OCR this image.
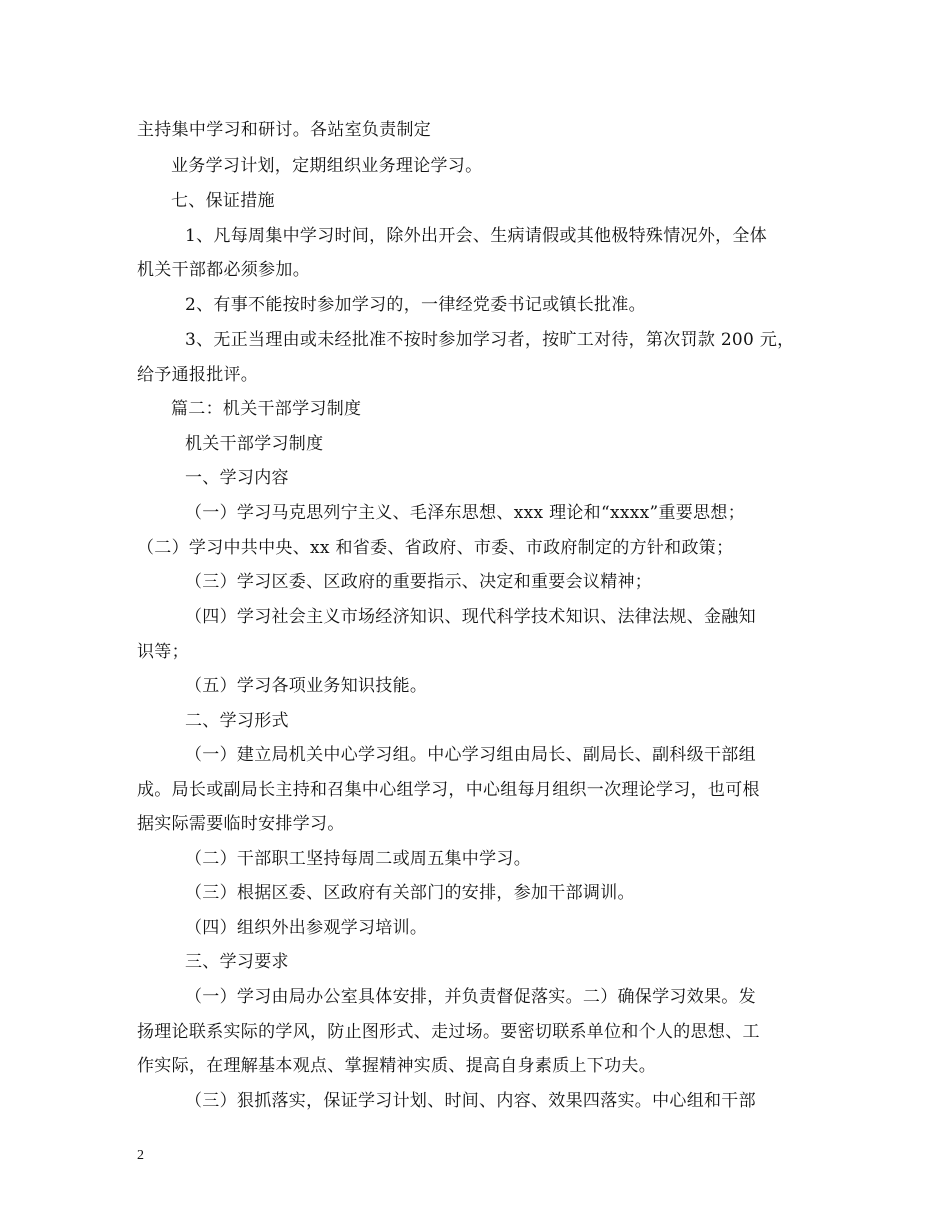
主持集中学习和研讨。各站室负责制定
业务学习计划，定期组织业务理论学习。
七、保证措施
1、凡每周集中学习时间，除外出开会、生病请假或其他极特殊情况外，全体
机关干部都必须参加。
2、有事不能按时参加学习的，一律经党委书记或镇长批准。
3、无正当理由或未经批准不按时参加学习者，按旷工对待，第次罚款 200 元，
给予通报批评。
篇二：机关干部学习制度
机关干部学习制度
一、学习内容
（一）学习马克思列宁主义、毛泽东思想、xxx 理论和“xxxx”重要思想；
（二）学习中共中央、xx 和省委、省政府、市委、市政府制定的方针和政策；
（三）学习区委、区政府的重要指示、决定和重要会议精神；
（四）学习社会主义市场经济知识、现代科学技术知识、法律法规、金融知
识等；
（五）学习各项业务知识技能。
二、学习形式
（一）建立局机关中心学习组。中心学习组由局长、副局长、副科级干部组
成。局长或副局长主持和召集中心组学习，中心组每月组织一次理论学习，也可根
据实际需要临时安排学习。
（二）干部职工坚持每周二或周五集中学习。
（三）根据区委、区政府有关部门的安排，参加干部调训。
（四）组织外出参观学习培训。
三、学习要求
（一）学习由局办公室具体安排，并负责督促落实。二）确保学习效果。发
扬理论联系实际的学风，防止图形式、走过场。要密切联系单位和个人的思想、工
作实际，在理解基本观点、掌握精神实质、提高自身素质上下功夫。
（三）狠抓落实，保证学习计划、时间、内容、效果四落实。中心组和干部
2
